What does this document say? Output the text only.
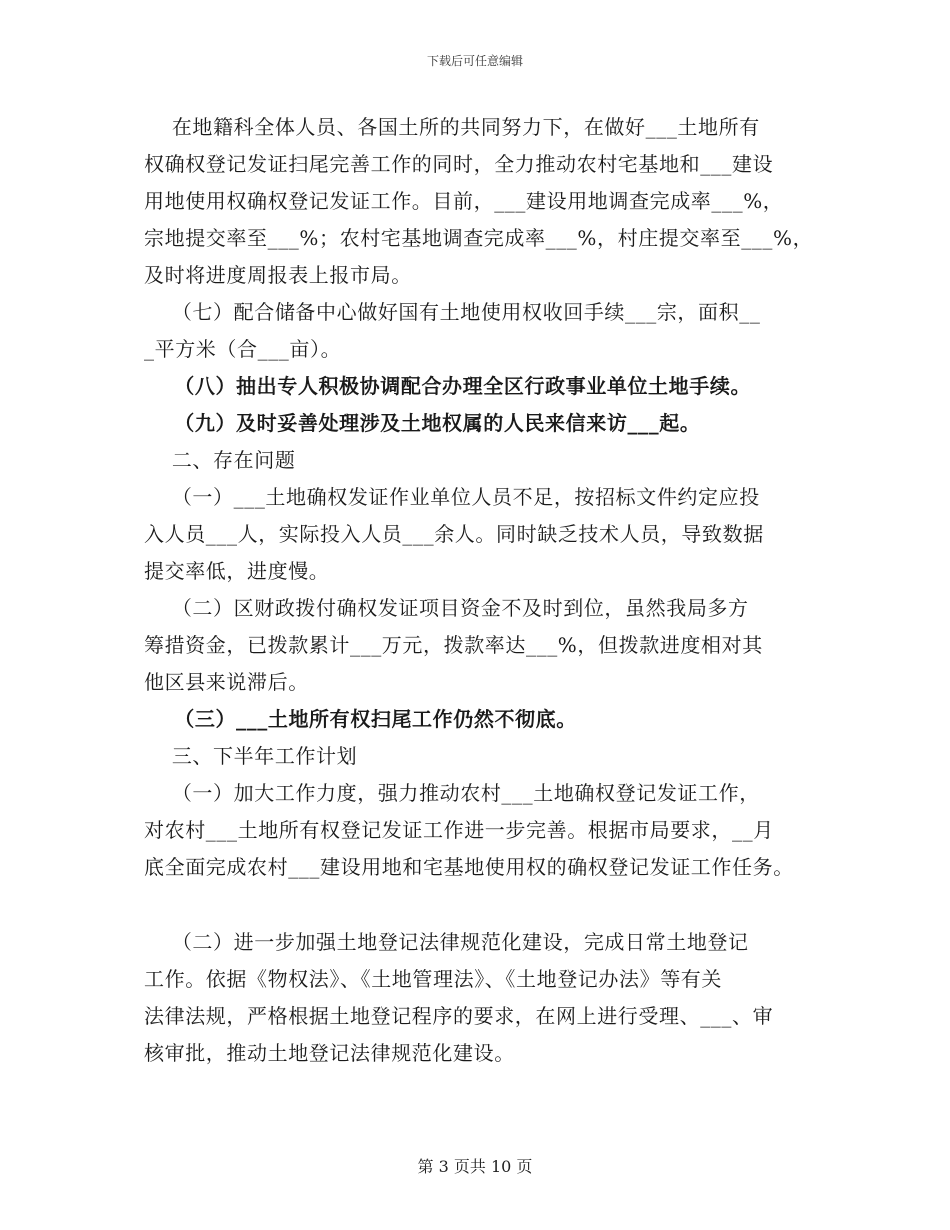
下载后可任意编辑
在地籍科全体人员、各国土所的共同努力下，在做好___土地所有
权确权登记发证扫尾完善工作的同时，全力推动农村宅基地和___建设
用地使用权确权登记发证工作。目前，___建设用地调查完成率___%，
宗地提交率至___%；农村宅基地调查完成率___%，村庄提交率至___%，
及时将进度周报表上报市局。
（七）配合储备中心做好国有土地使用权收回手续___宗，面积__
_平方米（合___亩）。
（八）抽出专人积极协调配合办理全区行政事业单位土地手续。
（九）及时妥善处理涉及土地权属的人民来信来访___起。
二、存在问题
（一）___土地确权发证作业单位人员不足，按招标文件约定应投
入人员___人，实际投入人员___余人。同时缺乏技术人员，导致数据
提交率低，进度慢。
（二）区财政拨付确权发证项目资金不及时到位，虽然我局多方
筹措资金，已拨款累计___万元，拨款率达___%，但拨款进度相对其
他区县来说滞后。
（三）___土地所有权扫尾工作仍然不彻底。
三、下半年工作计划
（一）加大工作力度，强力推动农村___土地确权登记发证工作，
对农村___土地所有权登记发证工作进一步完善。根据市局要求，__月
底全面完成农村___建设用地和宅基地使用权的确权登记发证工作任务。
（二）进一步加强土地登记法律规范化建设，完成日常土地登记
工作。依据《物权法》、《土地管理法》、《土地登记办法》等有关
法律法规，严格根据土地登记程序的要求，在网上进行受理、___、审
核审批，推动土地登记法律规范化建设。
第 3 页共 10 页
